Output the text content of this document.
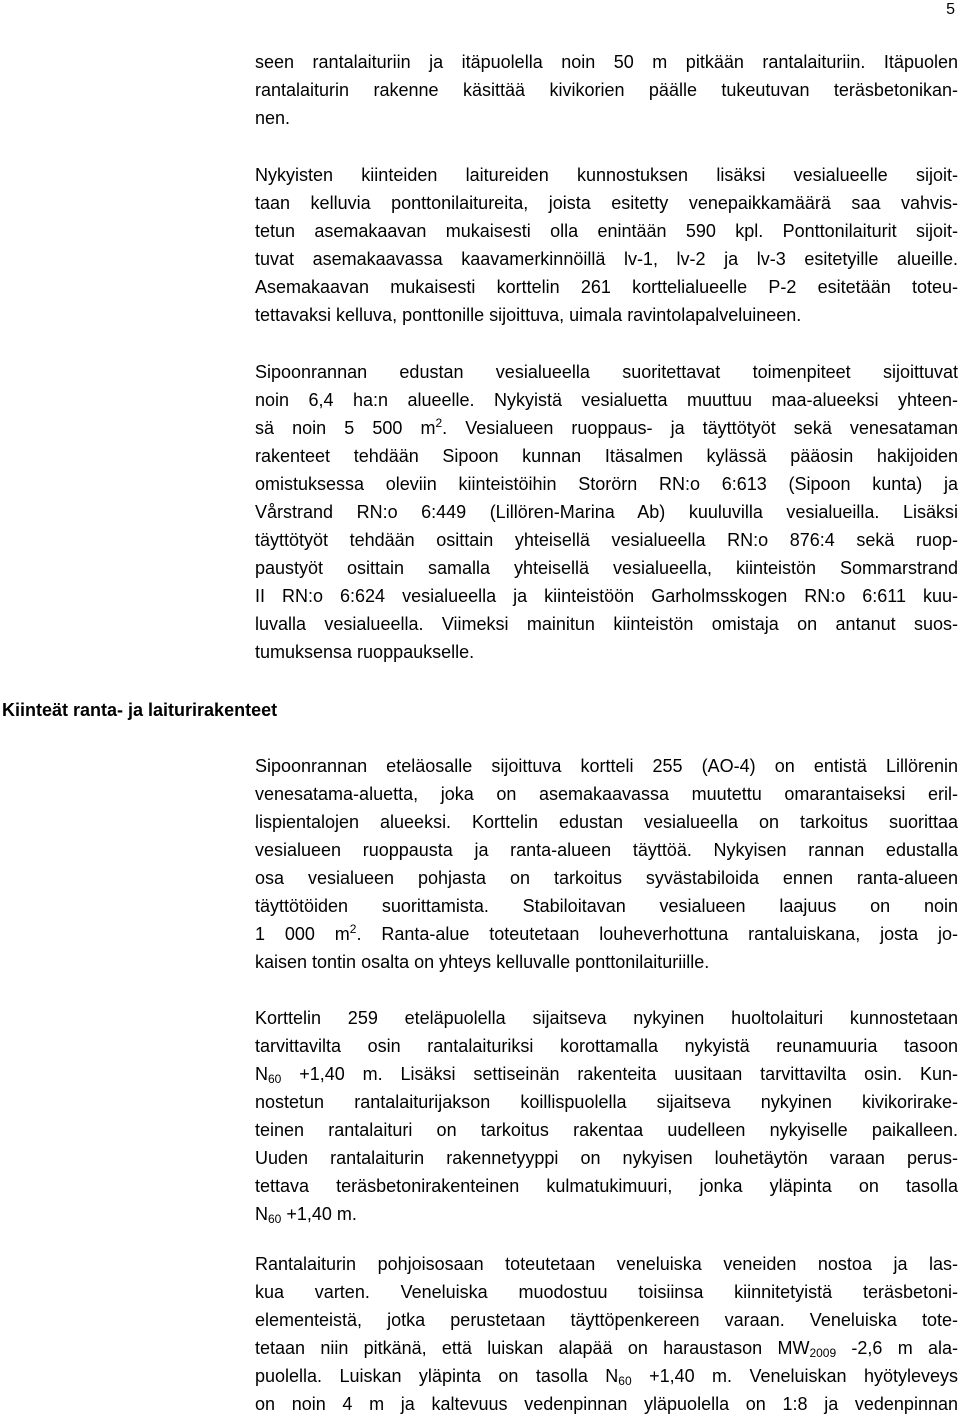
5
Kiinteät ranta- ja laiturirakenteet
seen rantalaituriin ja itäpuolella noin 50 m pitkään rantalaituriin. Itäpuolen
rantalaiturin rakenne käsittää kivikorien päälle tukeutuvan teräsbetonikan-
nen.
Nykyisten kiinteiden laitureiden kunnostuksen lisäksi vesialueelle sijoit-
taan kelluvia ponttonilaitureita, joista esitetty venepaikkamäärä saa vahvis-
tetun asemakaavan mukaisesti olla enintään 590 kpl. Ponttonilaiturit sijoit-
tuvat asemakaavassa kaavamerkinnöillä lv-1, lv-2 ja lv-3 esitetyille alueille.
Asemakaavan mukaisesti korttelin 261 korttelialueelle P-2 esitetään toteu-
tettavaksi kelluva, ponttonille sijoittuva, uimala ravintolapalveluineen.
Sipoonrannan edustan vesialueella suoritettavat toimenpiteet sijoittuvat
noin 6,4 ha:n alueelle. Nykyistä vesialuetta muuttuu maa-alueeksi yhteen-
sä noin 5 500 $m^2$. Vesialueen ruoppaus- ja täyttötyöt sekä venesataman
rakenteet tehdään Sipoon kunnan Itäsalmen kylässä pääosin hakijoiden
omistuksessa oleviin kiinteistöihin Storörn RN:o 6:613 (Sipoon kunta) ja
Vårstrand RN:o 6:449 (Lillören-Marina Ab) kuuluvilla vesialueilla. Lisäksi
täyttötyöt tehdään osittain yhteisellä vesialueella RN:o 876:4 sekä ruop-
paustyöt osittain samalla yhteisellä vesialueella, kiinteistön Sommarstrand
II RN:o 6:624 vesialueella ja kiinteistöön Garholmsskogen RN:o 6:611 kuu-
luvalla vesialueella. Viimeksi mainitun kiinteistön omistaja on antanut suos-
tumuksensa ruoppaukselle.
Sipoonrannan eteläosalle sijoittuva kortteli 255 (AO-4) on entistä Lillörenin
venesatama-aluetta, joka on asemakaavassa muutettu omarantaiseksi eril-
lispientalojen alueeksi. Korttelin edustan vesialueella on tarkoitus suorittaa
vesialueen ruoppausta ja ranta-alueen täyttöä. Nykyisen rannan edustalla
osa vesialueen pohjasta on tarkoitus syvästabiloida ennen ranta-alueen
täyttötöiden suorittamista. Stabiloitavan vesialueen laajuus on noin
1 000 $m^2$. Ranta-alue toteutetaan louheverhottuna rantaluiskana, josta jo-
kaisen tontin osalta on yhteys kelluvalle ponttonilaituriille.
Korttelin 259 eteläpuolella sijaitseva nykyinen huoltolaituri kunnostetaan
tarvittavilta osin rantalaituriksi korottamalla nykyistä reunamuuria tasoon
$N_{60} +1,40$ m. Lisäksi settiseinän rakenteita uusitaan tarvittavilta osin. Kun-
nostetun rantalaiturijakson koillispuolella sijaitseva nykyinen kivikorirake-
teinen rantalaituri on tarkoitus rakentaa uudelleen nykyiselle paikalleen.
Uuden rantalaiturin rakennetyyppi on nykyisen louhetäytön varaan perus-
tettava teräsbetonirakenteinen kulmatukimuuri, jonka yläpinta on tasolla
$N_{60} +1,40$ m.
Rantalaiturin pohjoisosaan toteutetaan veneluiska veneiden nostoa ja las-
kua varten. Veneluiska muodostuu toisiinsa kiinnitetyistä teräsbetoni-
elementeistä, jotka perustetaan täyttöpenkereen varaan. Veneluiska tote-
tetaan niin pitkänä, että luiskan alapää on haraustason $MW_{2009}$ -2,6 m ala-
puolella. Luiskan yläpinta on tasolla $N_{60} +1,40$ m. Veneluiskan hyötyleveys
on noin 4 m ja kaltevuus vedenpinnan yläpuolella on 1:8 ja vedenpinnan
